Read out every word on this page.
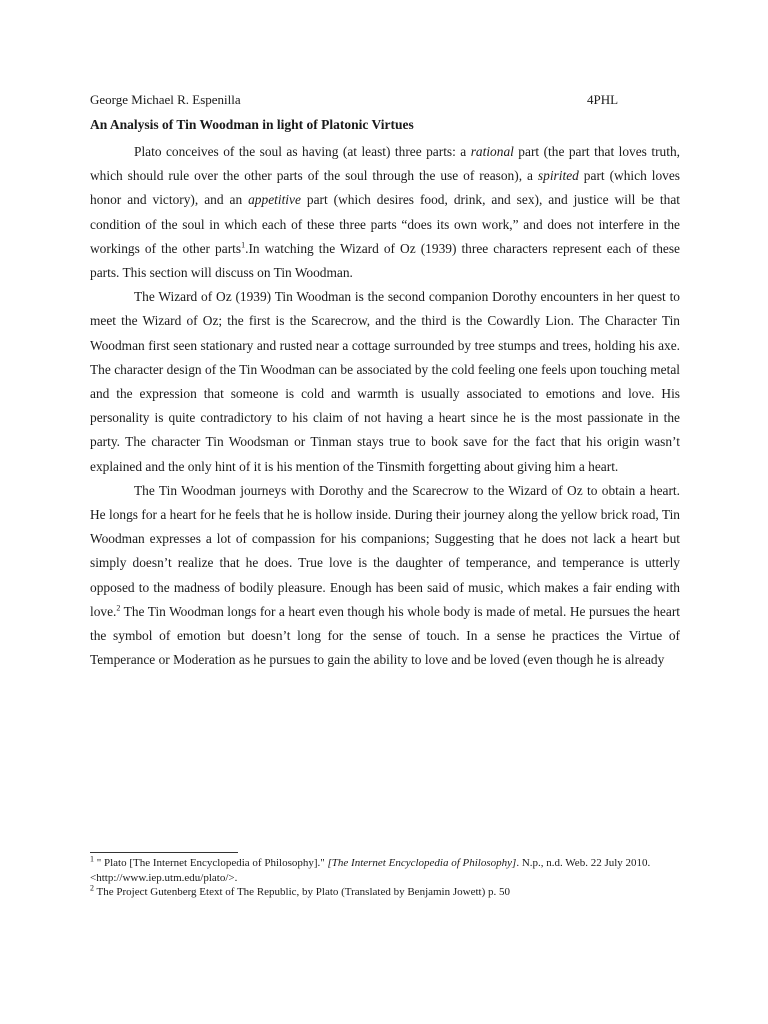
George Michael R. Espenilla	4PHL
An Analysis of Tin Woodman in light of Platonic Virtues

Plato conceives of the soul as having (at least) three parts: a rational part (the part that loves truth, which should rule over the other parts of the soul through the use of reason), a spirited part (which loves honor and victory), and an appetitive part (which desires food, drink, and sex), and justice will be that condition of the soul in which each of these three parts “does its own work,” and does not interfere in the workings of the other parts$^1$.In watching the Wizard of Oz (1939) three characters represent each of these parts. This section will discuss on Tin Woodman.

The Wizard of Oz (1939) Tin Woodman is the second companion Dorothy encounters in her quest to meet the Wizard of Oz; the first is the Scarecrow, and the third is the Cowardly Lion. The Character Tin Woodman first seen stationary and rusted near a cottage surrounded by tree stumps and trees, holding his axe. The character design of the Tin Woodman can be associated by the cold feeling one feels upon touching metal and the expression that someone is cold and warmth is usually associated to emotions and love. His personality is quite contradictory to his claim of not having a heart since he is the most passionate in the party. The character Tin Woodsman or Tinman stays true to book save for the fact that his origin wasn’t explained and the only hint of it is his mention of the Tinsmith forgetting about giving him a heart.

The Tin Woodman journeys with Dorothy and the Scarecrow to the Wizard of Oz to obtain a heart. He longs for a heart for he feels that he is hollow inside. During their journey along the yellow brick road, Tin Woodman expresses a lot of compassion for his companions; Suggesting that he does not lack a heart but simply doesn’t realize that he does. True love is the daughter of temperance, and temperance is utterly opposed to the madness of bodily pleasure. Enough has been said of music, which makes a fair ending with love.$^2$ The Tin Woodman longs for a heart even though his whole body is made of metal. He pursues the heart the symbol of emotion but doesn’t long for the sense of touch. In a sense he practices the Virtue of Temperance or Moderation as he pursues to gain the ability to love and be loved (even though he is already

$^1$ " Plato [The Internet Encyclopedia of Philosophy]." [The Internet Encyclopedia of Philosophy]. N.p., n.d. Web. 22 July 2010. <http://www.iep.utm.edu/plato/>.
$^2$ The Project Gutenberg Etext of The Republic, by Plato (Translated by Benjamin Jowett) p. 50
